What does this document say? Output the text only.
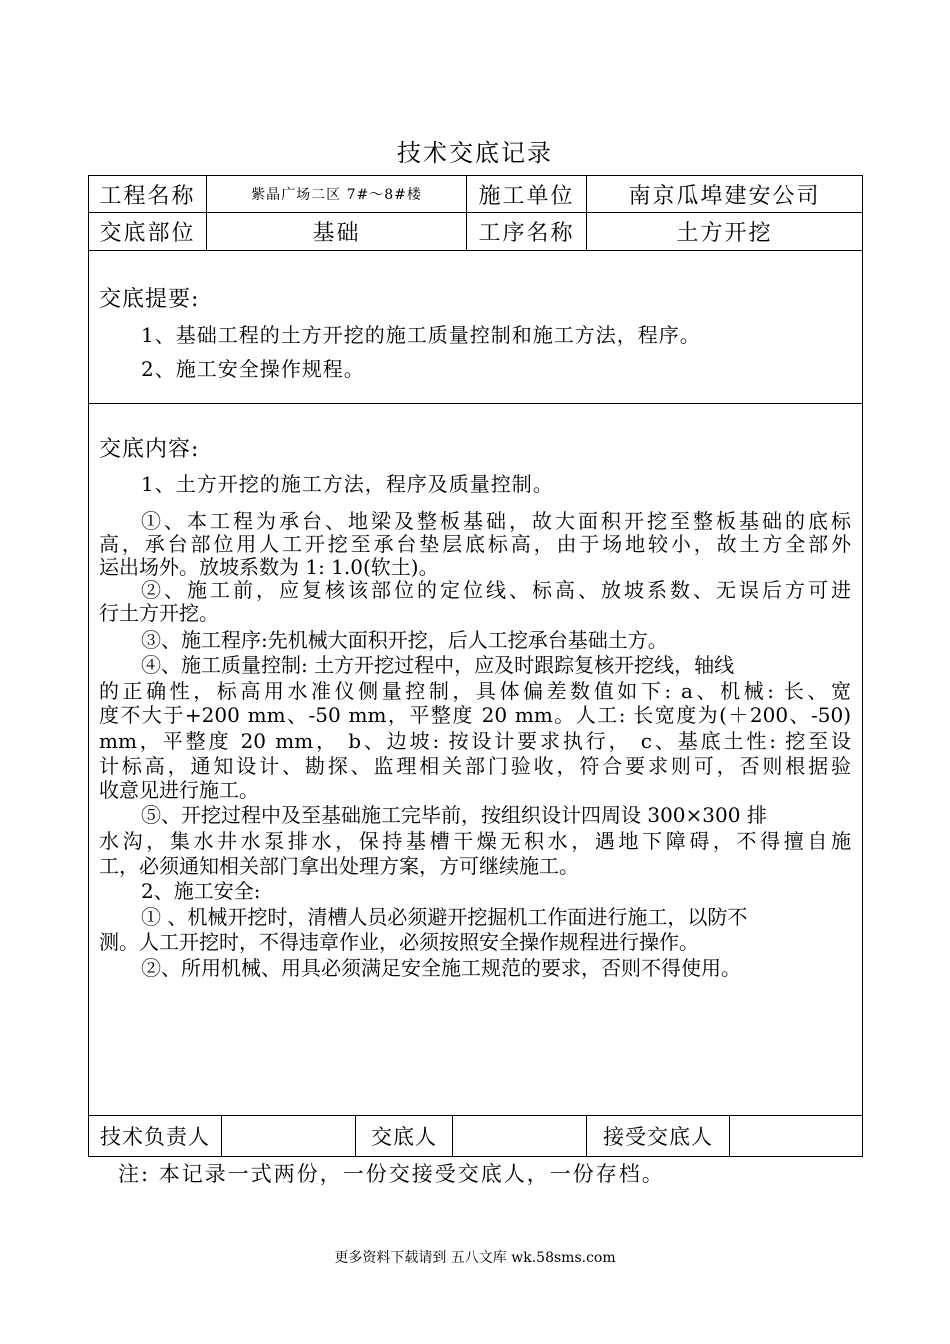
技术交底记录
工程名称	紫晶广场二区 7#～8#楼	施工单位	南京瓜埠建安公司
交底部位	基础	工序名称	土方开挖
交底提要:
1、基础工程的土方开挖的施工质量控制和施工方法，程序。
2、施工安全操作规程。
交底内容:
1、土方开挖的施工方法，程序及质量控制。
①、本工程为承台、地梁及整板基础，故大面积开挖至整板基础的底标
高，承台部位用人工开挖至承台垫层底标高，由于场地较小，故土方全部外
运出场外。放坡系数为 1: 1.0(软土)。
②、施工前，应复核该部位的定位线、标高、放坡系数、无误后方可进
行土方开挖。
③、施工程序:先机械大面积开挖，后人工挖承台基础土方。
④、施工质量控制: 土方开挖过程中，应及时跟踪复核开挖线，轴线
的正确性，标高用水准仪侧量控制，具体偏差数值如下: a、机械: 长、宽
度不大于+200 mm、-50 mm，平整度 20 mm。人工: 长宽度为(＋200、-50)
mm，平整度 20 mm， b、边坡: 按设计要求执行， c、基底土性: 挖至设
计标高，通知设计、勘探、监理相关部门验收，符合要求则可，否则根据验
收意见进行施工。
⑤、开挖过程中及至基础施工完毕前，按组织设计四周设 300×300 排
水沟，集水井水泵排水，保持基槽干燥无积水，遇地下障碍，不得擅自施
工，必须通知相关部门拿出处理方案，方可继续施工。
2、施工安全:
① 、机械开挖时，清槽人员必须避开挖掘机工作面进行施工，以防不
测。人工开挖时，不得违章作业，必须按照安全操作规程进行操作。
②、所用机械、用具必须满足安全施工规范的要求，否则不得使用。
技术负责人	交底人	接受交底人
注: 本记录一式两份，一份交接受交底人，一份存档。
更多资料下载请到 五八文库 wk.58sms.com
